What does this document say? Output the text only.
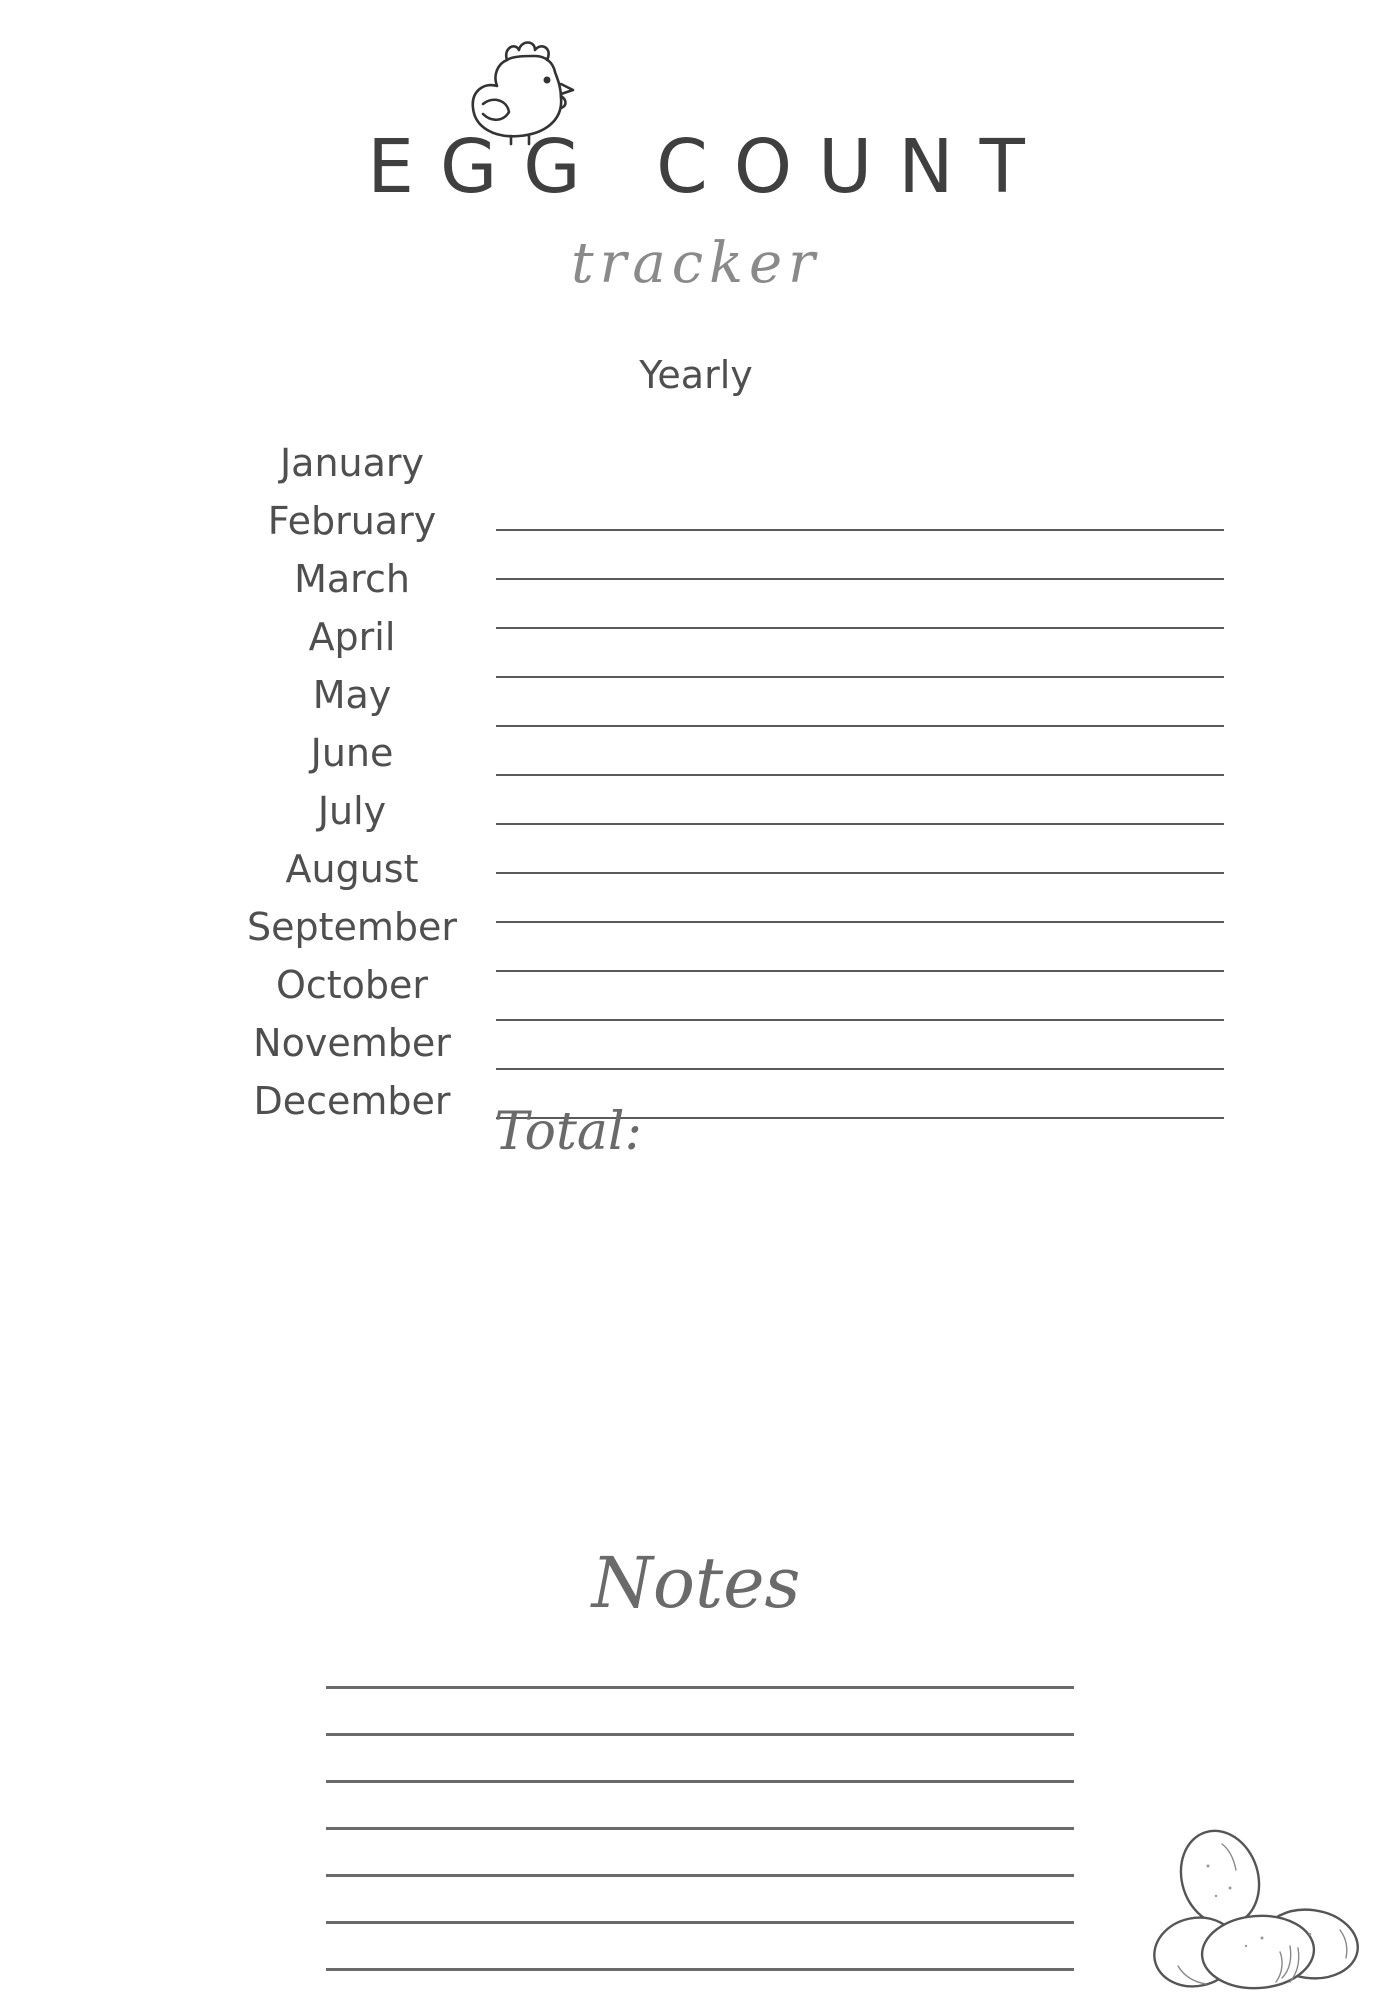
EGG COUNT
tracker
Yearly
January
February
March
April
May
June
July
August
September
October
November
December
Total:
Notes
